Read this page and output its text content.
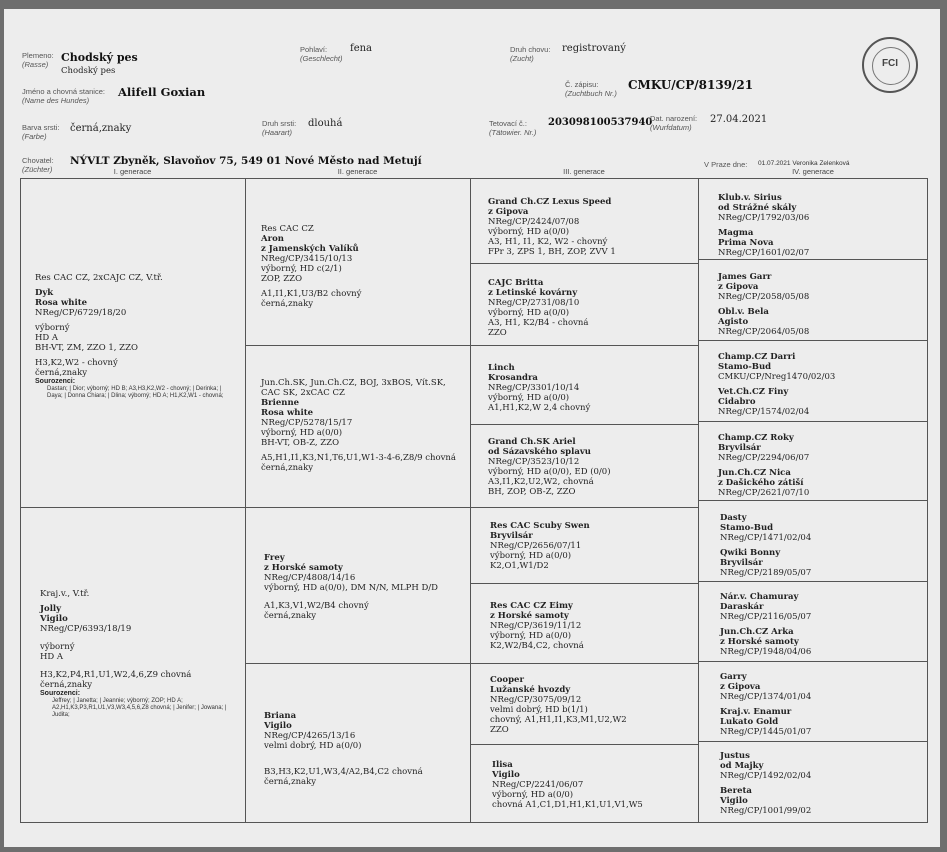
Plemeno:
(Rasse)
Chodský pes
Chodský pes
Pohlaví:
(Geschlecht)
fena	Druh chovu:
(Zucht)
registrovaný
Jméno a chovná stanice:
(Name des Hundes)
Alifell Goxian
Č. zápisu:
(Zuchtbuch Nr.)
CMKU/CP/8139/21
Barva srsti:
(Farbe)
černá,znaky	Druh srsti:
(Haarart)
dlouhá	Tetovací č.:
(Tätowier. Nr.)
203098100537940
Dat. narození:
(Wurfdatum)
27.04.2021
Chovatel:
(Züchter)
NÝVLT Zbyněk, Slavoňov 75, 549 01 Nové Město nad Metují	V Praze dne: 01.07.2021 Veronika Zelenková
FCI
I. generace	II. generace	III. generace	IV. generace
Res CAC CZ, 2xCAJC CZ, V.tř.
Dyk
Rosa white
NReg/CP/6729/18/20
výborný
HD A
BH-VT, ZM, ZZO 1, ZZO
H3,K2,W2 - chovný
černá,znaky
Sourozenci:
Dastan; | Dior; výborný; HD B; A3,H3,K2,W2 - chovný; | Derinka; | Daya; | Donna Chiara; | Dlina; výborný; HD A; H1,K2,W1 - chovná;
Kraj.v., V.tř.
Jolly
Vigilo
NReg/CP/6393/18/19
výborný
HD A
H3,K2,P4,R1,U1,W2,4,6,Z9 chovná
černá,znaky
Sourozenci:
Jeffrey; | Janetta; | Jeannie; výborný; ZOP; HD A; A2,H1,K3,P3,R1,U1,V3,W3,4,5,6,Z8 chovná; | Jenifer; | Jowana; | Judita;
Res CAC CZ
Aron
z Jamenských Valíků
NReg/CP/3415/10/13
výborný, HD c(2/1)
ZOP, ZZO
A1,I1,K1,U3/B2 chovný
černá,znaky
Jun.Ch.SK, Jun.Ch.CZ, BOJ, 3xBOS, Vít.SK, CAC SK, 2xCAC CZ
Brienne
Rosa white
NReg/CP/5278/15/17
výborný, HD a(0/0)
BH-VT, OB-Z, ZZO
A5,H1,I1,K3,N1,T6,U1,W1-3-4-6,Z8/9 chovná
černá,znaky
Frey
z Horské samoty
NReg/CP/4808/14/16
výborný, HD a(0/0), DM N/N, MLPH D/D
A1,K3,V1,W2/B4 chovný
černá,znaky
Briana
Vigilo
NReg/CP/4265/13/16
velmi dobrý, HD a(0/0)
B3,H3,K2,U1,W3,4/A2,B4,C2 chovná
černá,znaky
Grand Ch.CZ Lexus Speed
z Gipova
NReg/CP/2424/07/08
výborný, HD a(0/0)
A3, H1, I1, K2, W2 - chovný
FPr 3, ZPS 1, BH, ZOP, ZVV 1
CAJC Britta
z Letinské kovárny
NReg/CP/2731/08/10
výborný, HD a(0/0)
A3, H1, K2/B4 - chovná
ZZO
Linch
Krosandra
NReg/CP/3301/10/14
výborný, HD a(0/0)
A1,H1,K2,W 2,4 chovný
Grand Ch.SK Ariel
od Sázavského splavu
NReg/CP/3523/10/12
výborný, HD a(0/0), ED (0/0)
A3,I1,K2,U2,W2, chovná
BH, ZOP, OB-Z, ZZO
Res CAC Scuby Swen
Bryvilsár
NReg/CP/2656/07/11
výborný, HD a(0/0)
K2,O1,W1/D2
Res CAC CZ Eimy
z Horské samoty
NReg/CP/3619/11/12
výborný, HD a(0/0)
K2,W2/B4,C2, chovná
Cooper
Lužanské hvozdy
NReg/CP/3075/09/12
velmi dobrý, HD b(1/1)
chovný, A1,H1,I1,K3,M1,U2,W2
ZZO
Ilisa
Vigilo
NReg/CP/2241/06/07
výborný, HD a(0/0)
chovná A1,C1,D1,H1,K1,U1,V1,W5
Klub.v. Sirius
od Strážné skály
NReg/CP/1792/03/06
Magma
Prima Nova
NReg/CP/1601/02/07
James Garr
z Gipova
NReg/CP/2058/05/08
Obl.v. Bela
Agisto
NReg/CP/2064/05/08
Champ.CZ Darri
Stamo-Bud
CMKU/CP/Nreg1470/02/03
Vet.Ch.CZ Finy
Cidabro
NReg/CP/1574/02/04
Champ.CZ Roky
Bryvilsár
NReg/CP/2294/06/07
Jun.Ch.CZ Nica
z Dašického zátiší
NReg/CP/2621/07/10
Dasty
Stamo-Bud
NReg/CP/1471/02/04
Qwiki Bonny
Bryvilsár
NReg/CP/2189/05/07
Nár.v. Chamuray
Daraskár
NReg/CP/2116/05/07
Jun.Ch.CZ Arka
z Horské samoty
NReg/CP/1948/04/06
Garry
z Gipova
NReg/CP/1374/01/04
Kraj.v. Enamur
Lukato Gold
NReg/CP/1445/01/07
Justus
od Majky
NReg/CP/1492/02/04
Bereta
Vigilo
NReg/CP/1001/99/02
